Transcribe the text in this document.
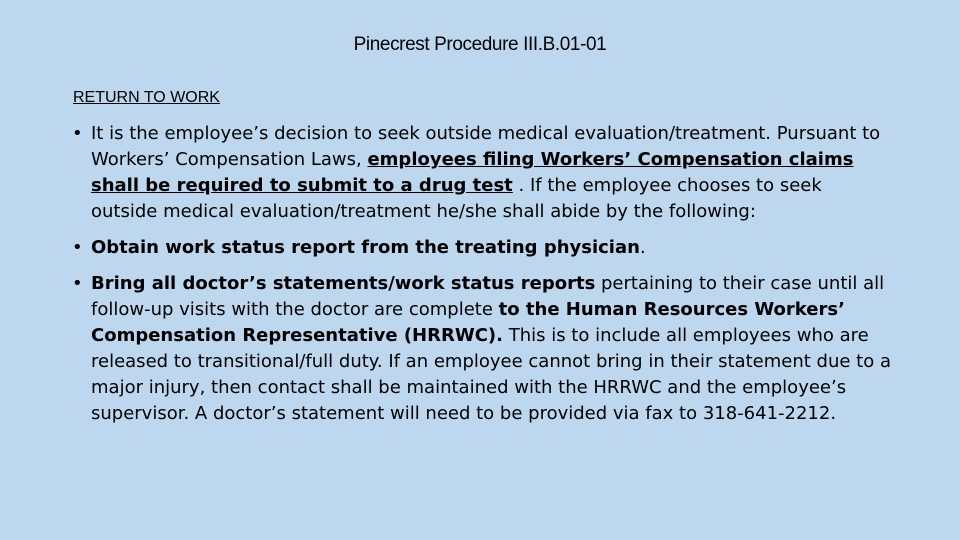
Pinecrest Procedure III.B.01-01
RETURN TO WORK
• It is the employee’s decision to seek outside medical evaluation/treatment. Pursuant to Workers’ Compensation Laws, employees filing Workers’ Compensation claims shall be required to submit to a drug test . If the employee chooses to seek outside medical evaluation/treatment he/she shall abide by the following:
• Obtain work status report from the treating physician.
• Bring all doctor’s statements/work status reports pertaining to their case until all follow-up visits with the doctor are complete to the Human Resources Workers’ Compensation Representative (HRRWC). This is to include all employees who are released to transitional/full duty. If an employee cannot bring in their statement due to a major injury, then contact shall be maintained with the HRRWC and the employee’s supervisor. A doctor’s statement will need to be provided via fax to 318-641-2212.
